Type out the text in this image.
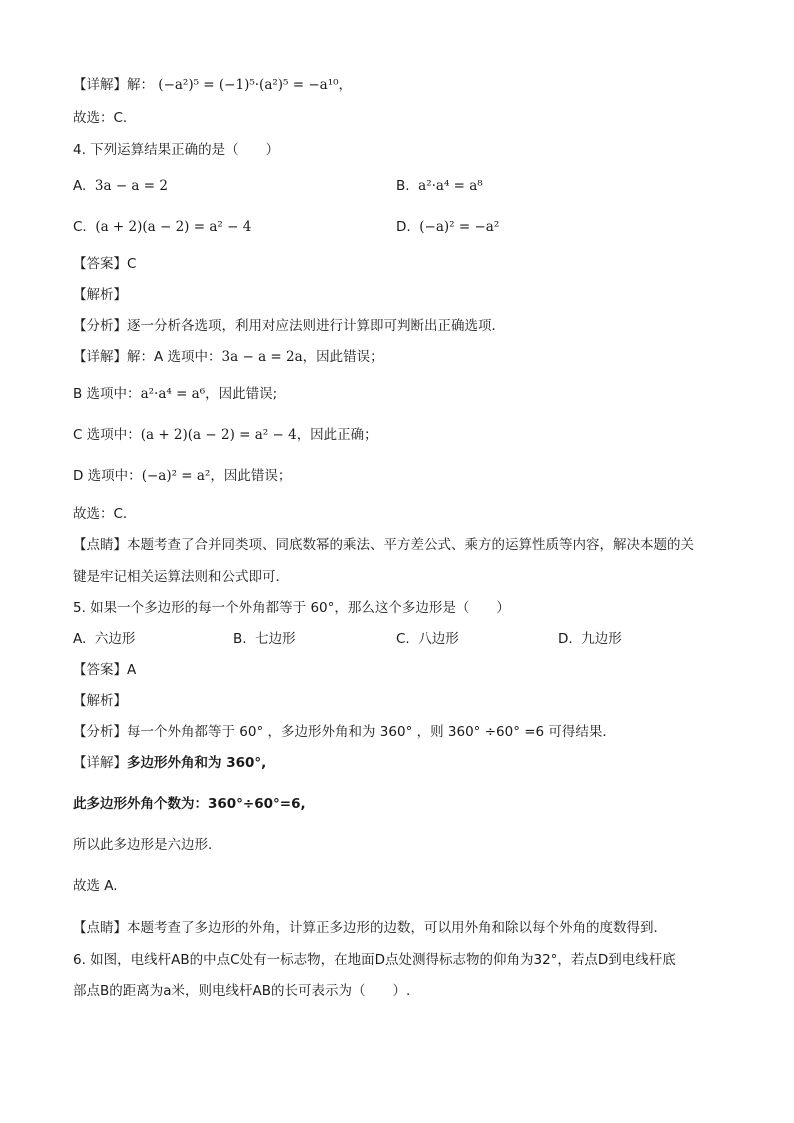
【详解】解： (−a²)⁵ = (−1)⁵·(a²)⁵ = −a¹⁰，
故选：C．
4. 下列运算结果正确的是（　　）
A. 3a − a = 2	B. a²·a⁴ = a⁸
C. (a + 2)(a − 2) = a² − 4	D. (−a)² = −a²
【答案】C
【解析】
【分析】逐一分析各选项，利用对应法则进行计算即可判断出正确选项．
【详解】解：A 选项中：3a − a = 2a，因此错误；
B 选项中：a²·a⁴ = a⁶，因此错误;
C 选项中：(a + 2)(a − 2) = a² − 4，因此正确；
D 选项中：(−a)² = a²，因此错误；
故选：C．
【点睛】本题考查了合并同类项、同底数幂的乘法、平方差公式、乘方的运算性质等内容，解决本题的关
键是牢记相关运算法则和公式即可．
5. 如果一个多边形的每一个外角都等于 60°，那么这个多边形是（　　）
A. 六边形	B. 七边形	C. 八边形	D. 九边形
【答案】A
【解析】
【分析】每一个外角都等于 60° ，多边形外角和为 360° ，则 360° ÷60° =6 可得结果．
【详解】多边形外角和为 360°,
此多边形外角个数为：360°÷60°=6,
所以此多边形是六边形.
故选 A.
【点睛】本题考查了多边形的外角，计算正多边形的边数，可以用外角和除以每个外角的度数得到．
6. 如图，电线杆AB的中点C处有一标志物，在地面D点处测得标志物的仰角为32°，若点D到电线杆底
部点B的距离为a米，则电线杆AB的长可表示为（　　）.
